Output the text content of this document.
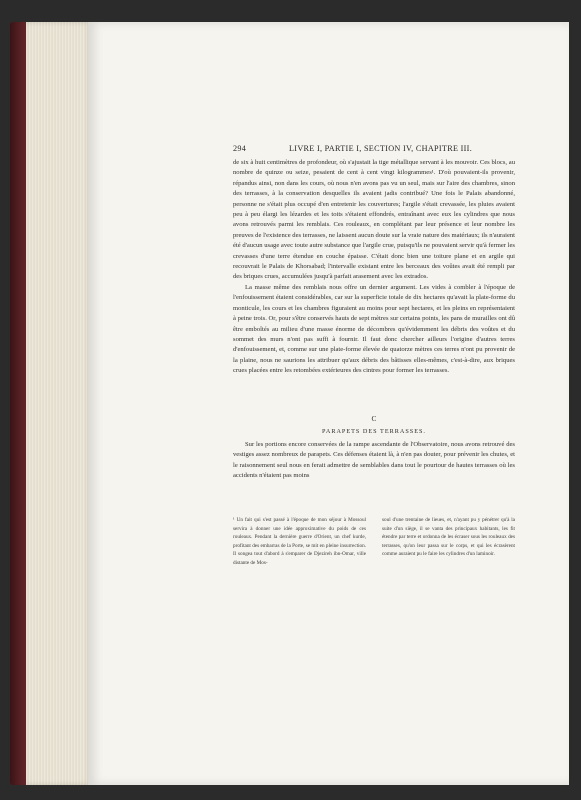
294	LIVRE I, PARTIE I, SECTION IV, CHAPITRE III.

de six à huit centimètres de profondeur, où s'ajustait la tige métallique servant à les mouvoir. Ces blocs, au nombre de quinze ou seize, pesaient de cent à cent vingt kilogrammes¹. D'où pouvaient-ils provenir, répandus ainsi, non dans les cours, où nous n'en avons pas vu un seul, mais sur l'aire des chambres, sinon des terrasses, à la conservation desquelles ils avaient jadis contribué? Une fois le Palais abandonné, personne ne s'était plus occupé d'en entretenir les couvertures; l'argile s'était crevassée, les pluies avaient peu à peu élargi les lézardes et les toits s'étaient effondrés, entraînant avec eux les cylindres que nous avons retrouvés parmi les remblais. Ces rouleaux, en complétant par leur présence et leur nombre les preuves de l'existence des terrasses, ne laissent aucun doute sur la vraie nature des matériaux; ils n'auraient été d'aucun usage avec toute autre substance que l'argile crue, puisqu'ils ne pouvaient servir qu'à fermer les crevasses d'une terre étendue en couche épaisse. C'était donc bien une toiture plane et en argile qui recouvrait le Palais de Khorsabad; l'intervalle existant entre les berceaux des voûtes avait été rempli par des briques crues, accumulées jusqu'à parfait arasement avec les extrados.

La masse même des remblais nous offre un dernier argument. Les vides à combler à l'époque de l'enfouissement étaient considérables, car sur la superficie totale de dix hectares qu'avait la plate-forme du monticule, les cours et les chambres figuraient au moins pour sept hectares, et les pleins en représentaient à peine trois. Or, pour s'être conservés hauts de sept mètres sur certains points, les pans de murailles ont dû être emboîtés au milieu d'une masse énorme de décombres qu'évidemment les débris des voûtes et du sommet des murs n'ont pas suffi à fournir. Il faut donc chercher ailleurs l'origine d'autres terres d'enfouissement, et, comme sur une plate-forme élevée de quatorze mètres ces terres n'ont pu provenir de la plaine, nous ne saurions les attribuer qu'aux débris des bâtisses elles-mêmes, c'est-à-dire, aux briques crues placées entre les retombées extérieures des cintres pour former les terrasses.

C
PARAPETS DES TERRASSES.

Sur les portions encore conservées de la rampe ascendante de l'Observatoire, nous avons retrouvé des vestiges assez nombreux de parapets. Ces défenses étaient là, à n'en pas douter, pour prévenir les chutes, et le raisonnement seul nous en ferait admettre de semblables dans tout le pourtour de hautes terrasses où les accidents n'étaient pas moins

¹ Un fait qui s'est passé à l'époque de mon séjour à Mossoul servira à donner une idée approximative du poids de ces rouleaux. Pendant la dernière guerre d'Orient, un chef kurde, profitant des embarras de la Porte, se mit en pleine insurrection. Il songea tout d'abord à s'emparer de Djezireh ibn-Omar, ville distante de Mos-

soul d'une trentaine de lieues, et, n'ayant pu y pénétrer qu'à la suite d'un siège, il se vanta des principaux habitants, les fit étendre par terre et ordonna de les écraser sous les rouleaux des terrasses, qu'on leur passa sur le corps, et qui les écrasèrent comme auraient pu le faire les cylindres d'un laminoir.
